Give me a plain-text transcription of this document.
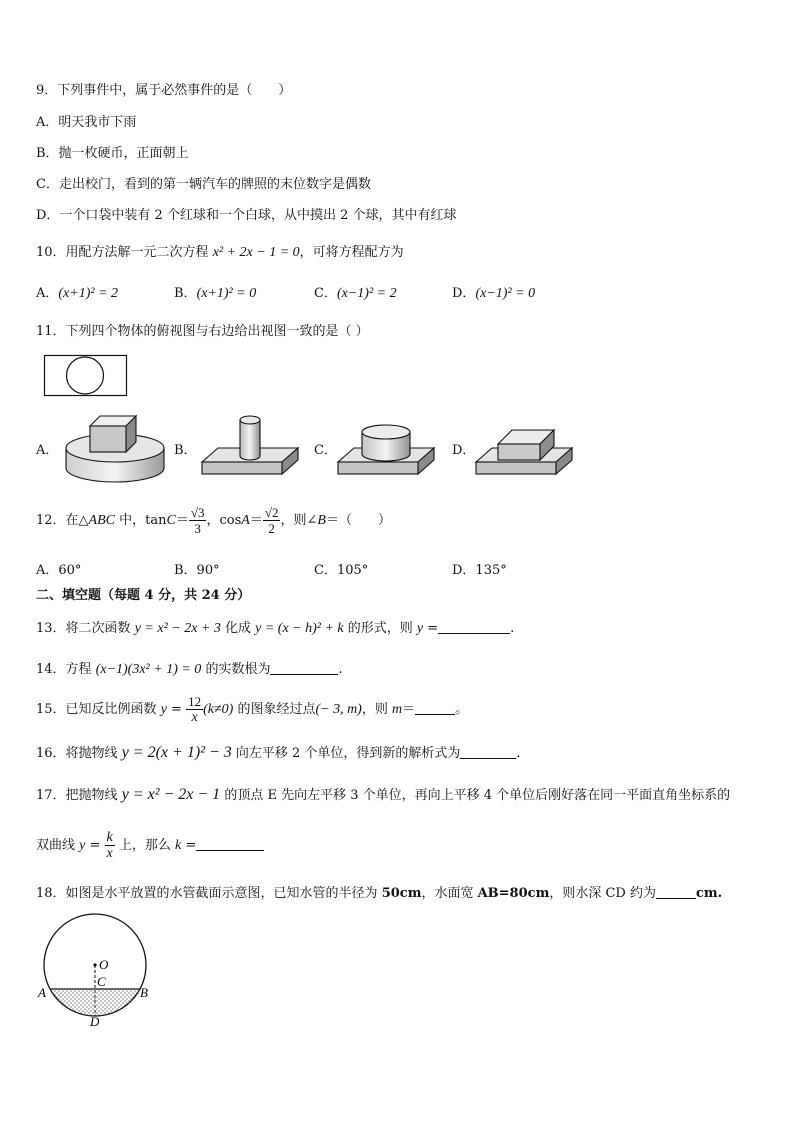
9．下列事件中，属于必然事件的是（　　）
A．明天我市下雨
B．抛一枚硬币，正面朝上
C．走出校门，看到的第一辆汽车的牌照的末位数字是偶数
D．一个口袋中装有 2 个红球和一个白球，从中摸出 2 个球，其中有红球
10．用配方法解一元二次方程 x² + 2x − 1 = 0，可将方程配方为
A．(x+1)² = 2	B．(x+1)² = 0	C．(x−1)² = 2	D．(x−1)² = 0
11．下列四个物体的俯视图与右边给出视图一致的是（ ）
A．	B．	C．	D．
12．在△ABC 中，$\tan C= \frac{√3}{3}$ ，$\cos A= \frac{√2}{2}$ ，则∠B＝（　　）
A．60°	B．90°	C．105°	D．135°
二、填空题（每题 4 分，共 24 分）
13．将二次函数 y = x² − 2x + 3 化成 y = (x − h)² + k 的形式，则 y =	.
14．方程 (x−1)(3x² + 1) = 0 的实数根为	.
15．已知反比例函数 $y = \frac{12}{x} (k\ne 0)$ 的图象经过点(− 3, m)，则 m＝	。
16．将抛物线 y = 2(x + 1)² − 3 向左平移 2 个单位，得到新的解析式为	.
17．把抛物线 y = x² − 2x − 1 的顶点 E 先向左平移 3 个单位，再向上平移 4 个单位后刚好落在同一平面直角坐标系的
双曲线 $y = \frac{k}{x}$ 上，那么 k =
18．如图是水平放置的水管截面示意图，已知水管的半径为 50cm，水面宽 AB=80cm，则水深 CD 约为	cm.
O
A	B
C
D
